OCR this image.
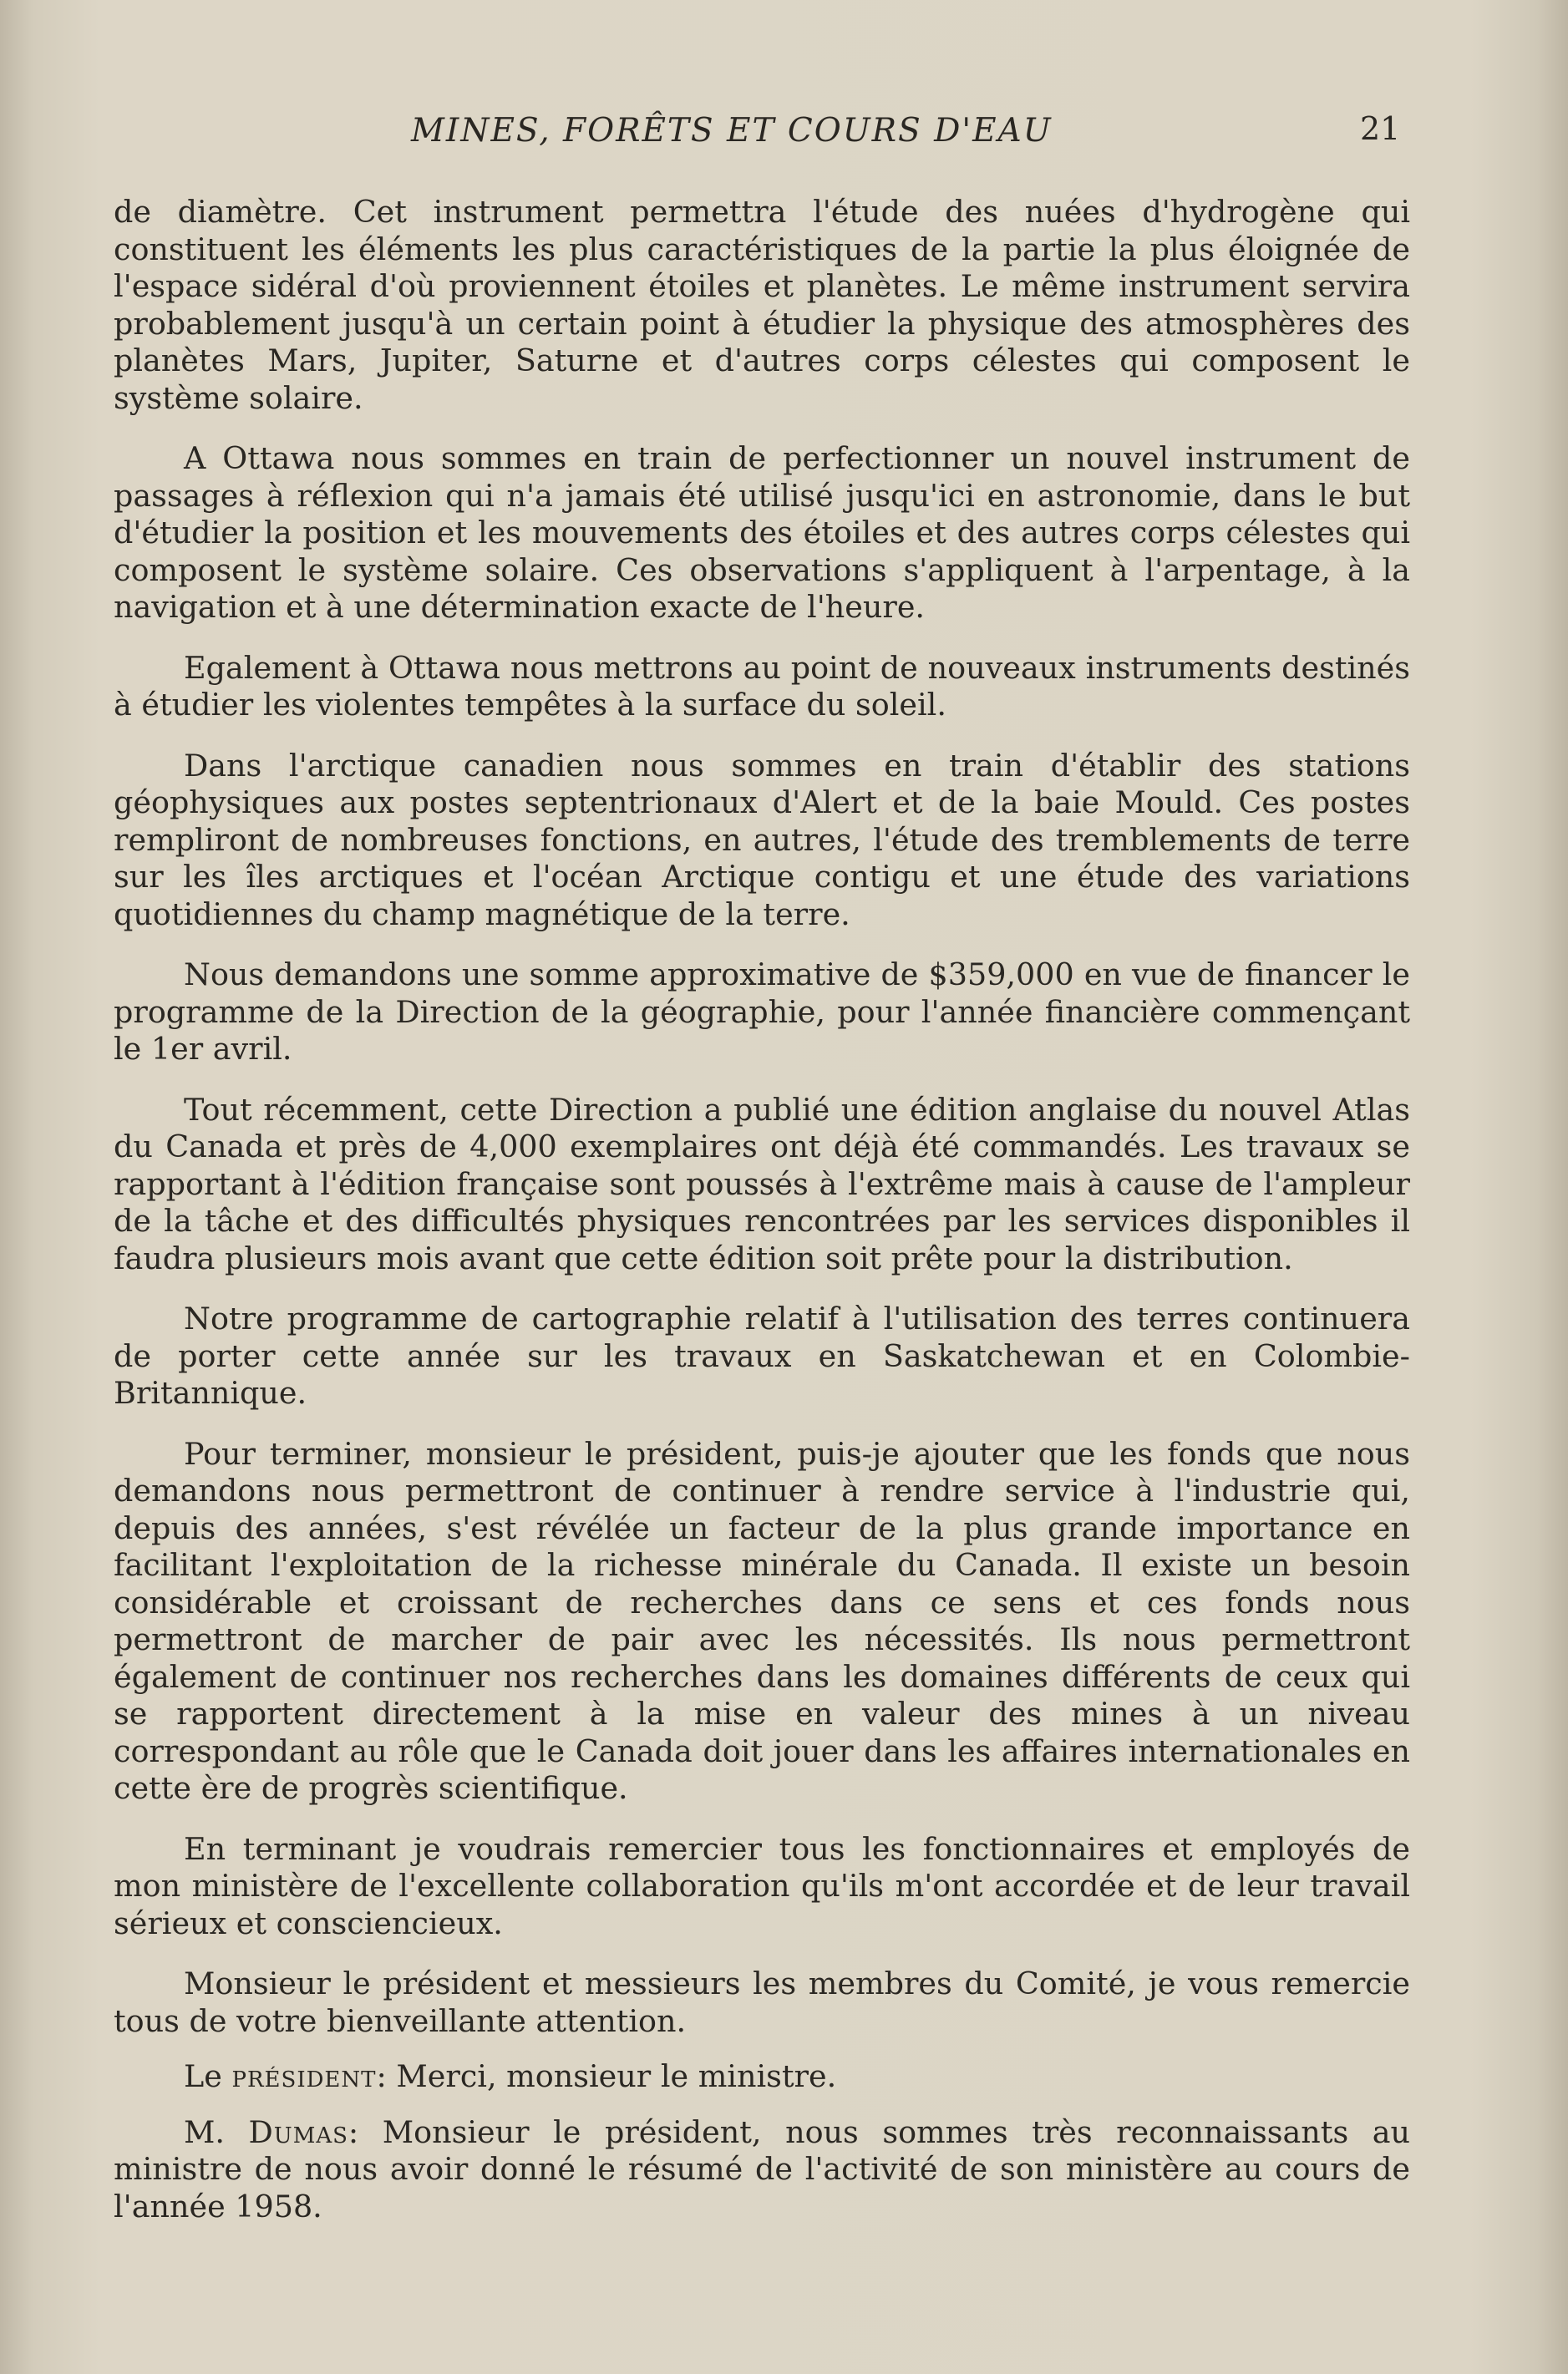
MINES, FORÊTS ET COURS D'EAU	21

de diamètre. Cet instrument permettra l'étude des nuées d'hydrogène qui constituent les éléments les plus caractéristiques de la partie la plus éloignée de l'espace sidéral d'où proviennent étoiles et planètes. Le même instrument servira probablement jusqu'à un certain point à étudier la physique des atmosphères des planètes Mars, Jupiter, Saturne et d'autres corps célestes qui composent le système solaire.

A Ottawa nous sommes en train de perfectionner un nouvel instrument de passages à réflexion qui n'a jamais été utilisé jusqu'ici en astronomie, dans le but d'étudier la position et les mouvements des étoiles et des autres corps célestes qui composent le système solaire. Ces observations s'appliquent à l'arpentage, à la navigation et à une détermination exacte de l'heure.

Egalement à Ottawa nous mettrons au point de nouveaux instruments destinés à étudier les violentes tempêtes à la surface du soleil.

Dans l'arctique canadien nous sommes en train d'établir des stations géophysiques aux postes septentrionaux d'Alert et de la baie Mould. Ces postes rempliront de nombreuses fonctions, en autres, l'étude des tremblements de terre sur les îles arctiques et l'océan Arctique contigu et une étude des variations quotidiennes du champ magnétique de la terre.

Nous demandons une somme approximative de $359,000 en vue de financer le programme de la Direction de la géographie, pour l'année financière commençant le 1er avril.

Tout récemment, cette Direction a publié une édition anglaise du nouvel Atlas du Canada et près de 4,000 exemplaires ont déjà été commandés. Les travaux se rapportant à l'édition française sont poussés à l'extrême mais à cause de l'ampleur de la tâche et des difficultés physiques rencontrées par les services disponibles il faudra plusieurs mois avant que cette édition soit prête pour la distribution.

Notre programme de cartographie relatif à l'utilisation des terres continuera de porter cette année sur les travaux en Saskatchewan et en Colombie-Britannique.

Pour terminer, monsieur le président, puis-je ajouter que les fonds que nous demandons nous permettront de continuer à rendre service à l'industrie qui, depuis des années, s'est révélée un facteur de la plus grande importance en facilitant l'exploitation de la richesse minérale du Canada. Il existe un besoin considérable et croissant de recherches dans ce sens et ces fonds nous permettront de marcher de pair avec les nécessités. Ils nous permettront également de continuer nos recherches dans les domaines différents de ceux qui se rapportent directement à la mise en valeur des mines à un niveau correspondant au rôle que le Canada doit jouer dans les affaires internationales en cette ère de progrès scientifique.

En terminant je voudrais remercier tous les fonctionnaires et employés de mon ministère de l'excellente collaboration qu'ils m'ont accordée et de leur travail sérieux et consciencieux.

Monsieur le président et messieurs les membres du Comité, je vous remercie tous de votre bienveillante attention.

Le président: Merci, monsieur le ministre.

M. Dumas: Monsieur le président, nous sommes très reconnaissants au ministre de nous avoir donné le résumé de l'activité de son ministère au cours de l'année 1958.
